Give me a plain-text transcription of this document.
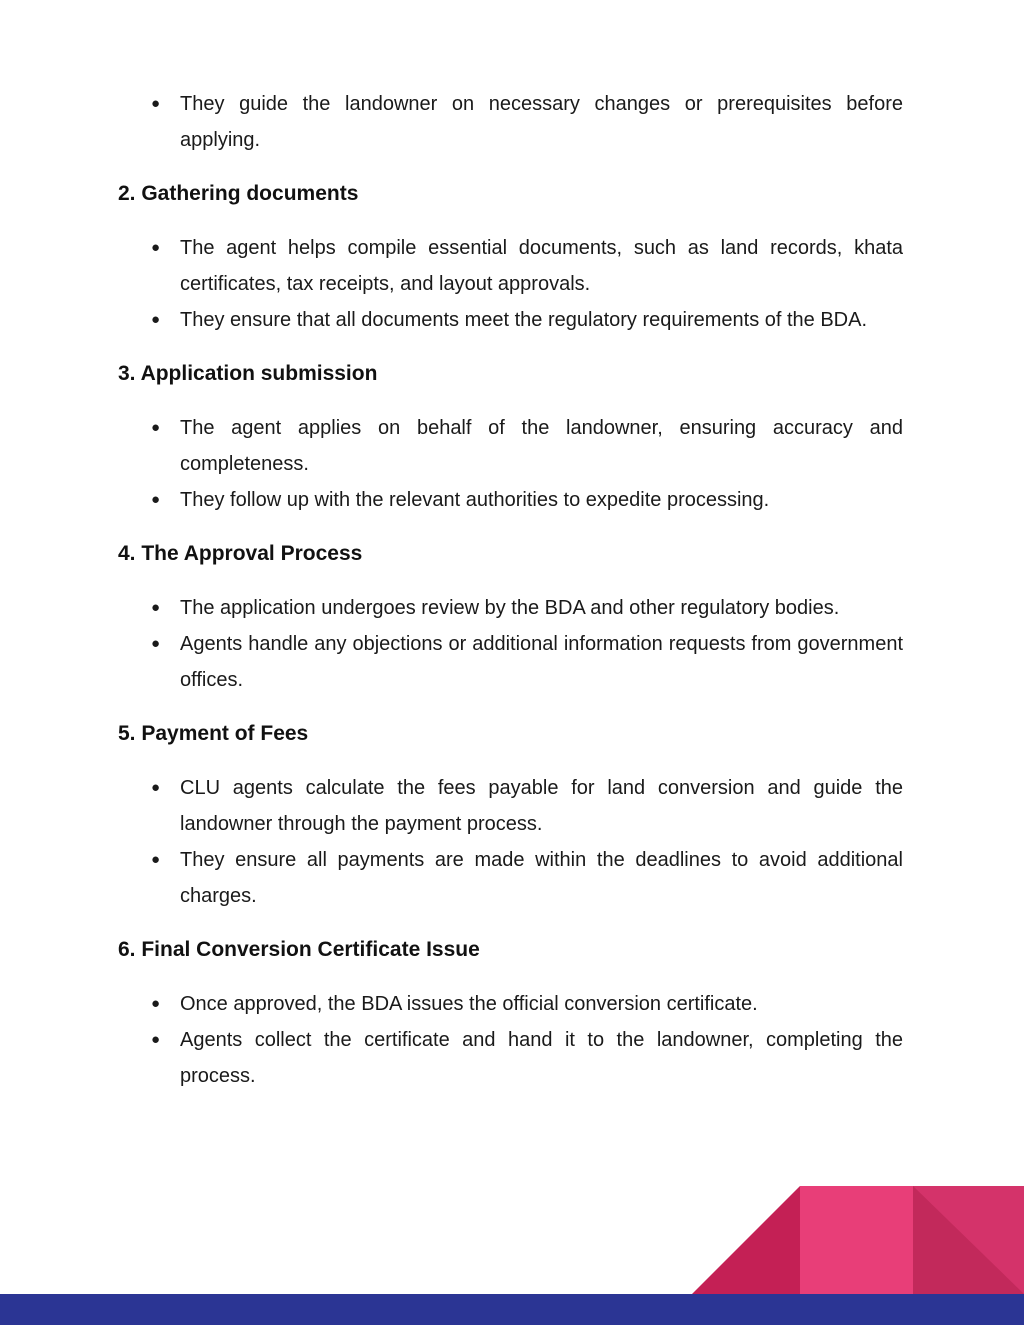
● They guide the landowner on necessary changes or prerequisites before applying.
2. Gathering documents
● The agent helps compile essential documents, such as land records, khata certificates, tax receipts, and layout approvals.
● They ensure that all documents meet the regulatory requirements of the BDA.
3. Application submission
● The agent applies on behalf of the landowner, ensuring accuracy and completeness.
● They follow up with the relevant authorities to expedite processing.
4. The Approval Process
● The application undergoes review by the BDA and other regulatory bodies.
● Agents handle any objections or additional information requests from government offices.
5. Payment of Fees
● CLU agents calculate the fees payable for land conversion and guide the landowner through the payment process.
● They ensure all payments are made within the deadlines to avoid additional charges.
6. Final Conversion Certificate Issue
● Once approved, the BDA issues the official conversion certificate.
● Agents collect the certificate and hand it to the landowner, completing the process.
